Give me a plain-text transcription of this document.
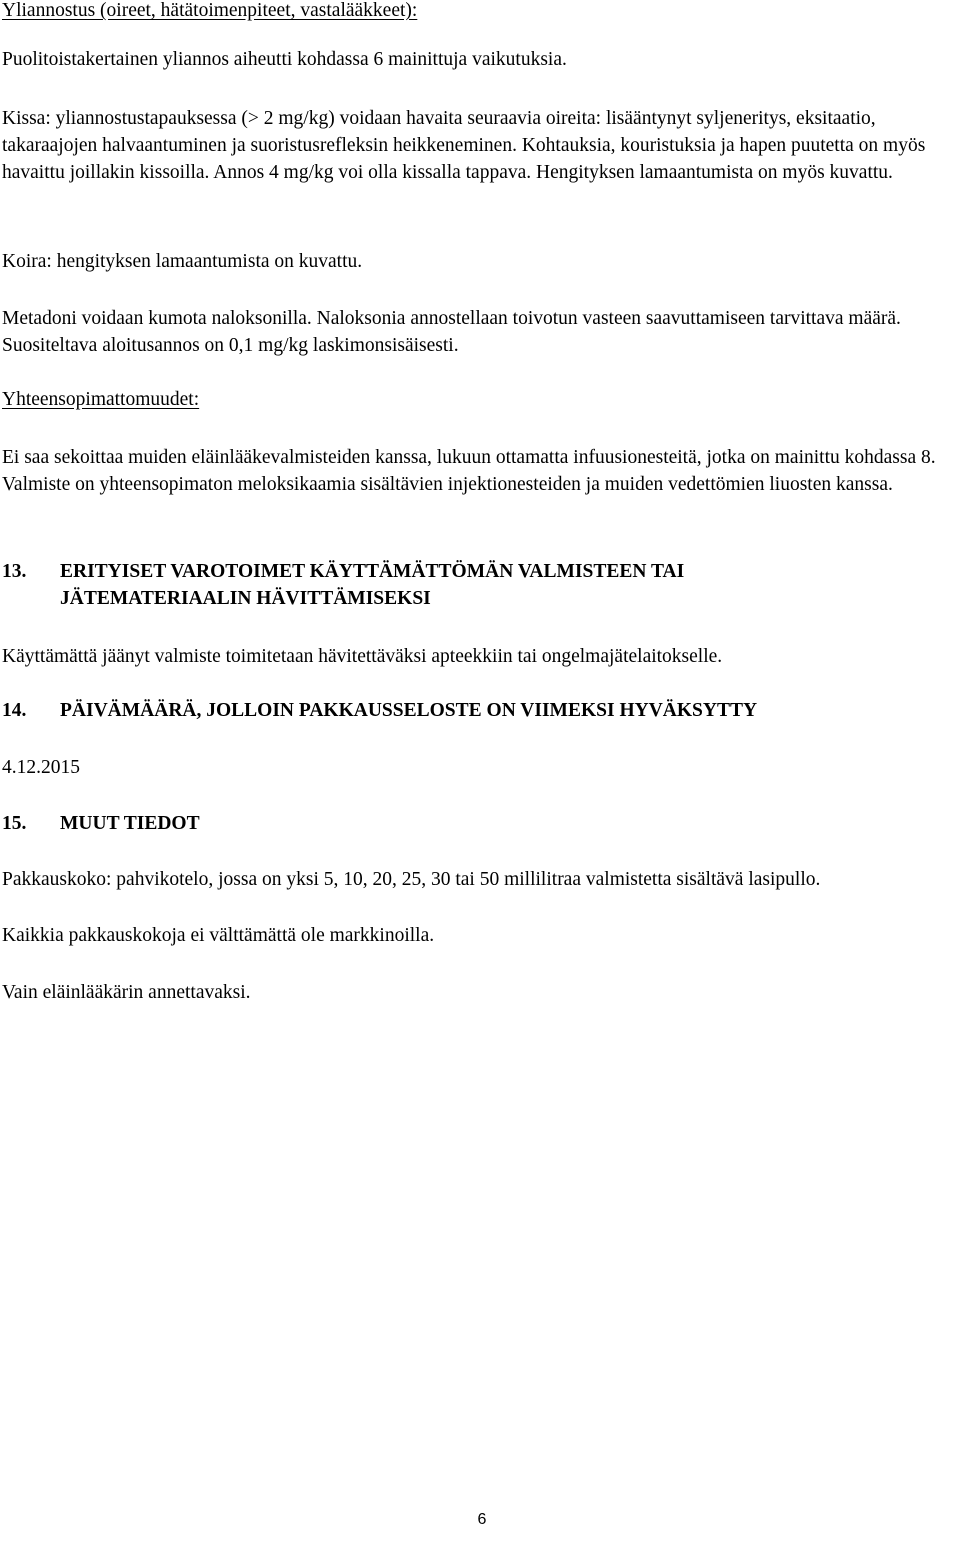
Yliannostus (oireet, hätätoimenpiteet, vastalääkkeet):

Puolitoistakertainen yliannos aiheutti kohdassa 6 mainittuja vaikutuksia.

Kissa: yliannostustapauksessa (> 2 mg/kg) voidaan havaita seuraavia oireita: lisääntynyt syljeneritys, eksitaatio, takaraajojen halvaantuminen ja suoristusrefleksin heikkeneminen. Kohtauksia, kouristuksia ja hapen puutetta on myös havaittu joillakin kissoilla. Annos 4 mg/kg voi olla kissalla tappava. Hengityksen lamaantumista on myös kuvattu.

Koira: hengityksen lamaantumista on kuvattu.

Metadoni voidaan kumota naloksonilla. Naloksonia annostellaan toivotun vasteen saavuttamiseen tarvittava määrä. Suositeltava aloitusannos on 0,1 mg/kg laskimonsisäisesti.

Yhteensopimattomuudet:

Ei saa sekoittaa muiden eläinlääkevalmisteiden kanssa, lukuun ottamatta infuusionesteitä, jotka on mainittu kohdassa 8. Valmiste on yhteensopimaton meloksikaamia sisältävien injektionesteiden ja muiden vedettömien liuosten kanssa.

13. ERITYISET VAROTOIMET KÄYTTÄMÄTTÖMÄN VALMISTEEN TAI JÄTEMATERIAALIN HÄVITTÄMISEKSI

Käyttämättä jäänyt valmiste toimitetaan hävitettäväksi apteekkiin tai ongelmajätelaitokselle.

14. PÄIVÄMÄÄRÄ, JOLLOIN PAKKAUSSELOSTE ON VIIMEKSI HYVÄKSYTTY

4.12.2015

15. MUUT TIEDOT

Pakkauskoko: pahvikotelo, jossa on yksi 5, 10, 20, 25, 30 tai 50 millilitraa valmistetta sisältävä lasipullo.

Kaikkia pakkauskokoja ei välttämättä ole markkinoilla.

Vain eläinlääkärin annettavaksi.

6
